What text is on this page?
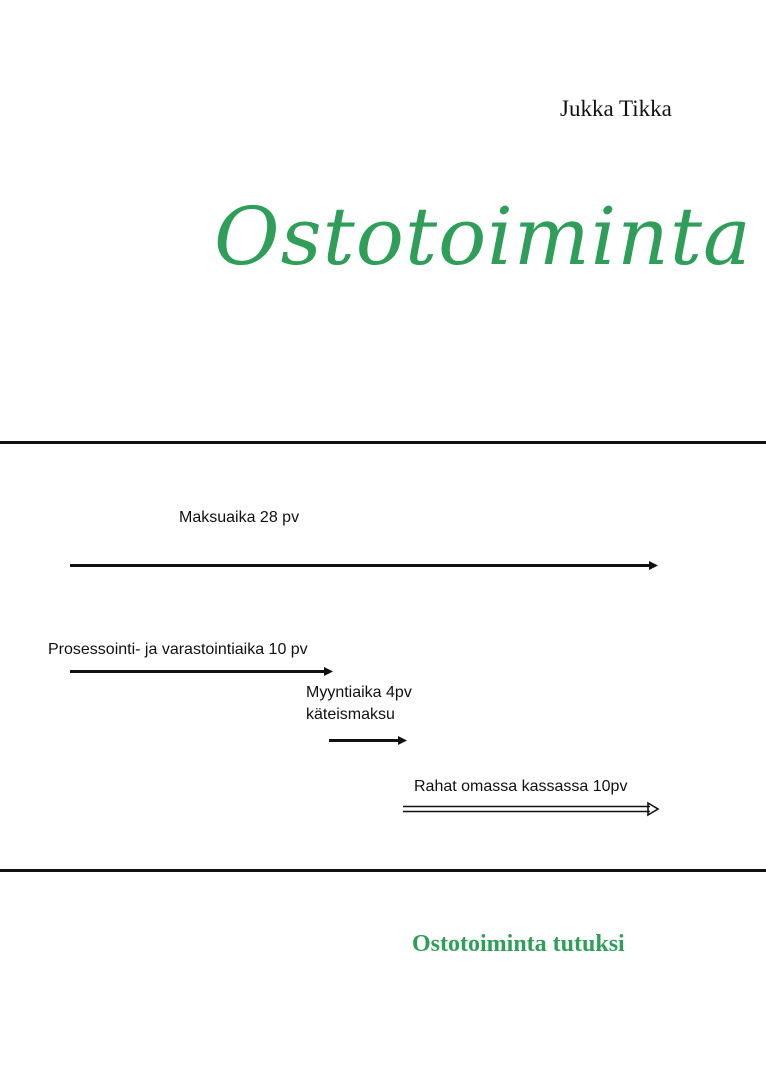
Jukka Tikka
Ostotoiminta
Maksuaika 28 pv
Prosessointi- ja varastointiaika 10 pv
Myyntiaika 4pv
käteismaksu
Rahat omassa kassassa 10pv
Ostotoiminta tutuksi
